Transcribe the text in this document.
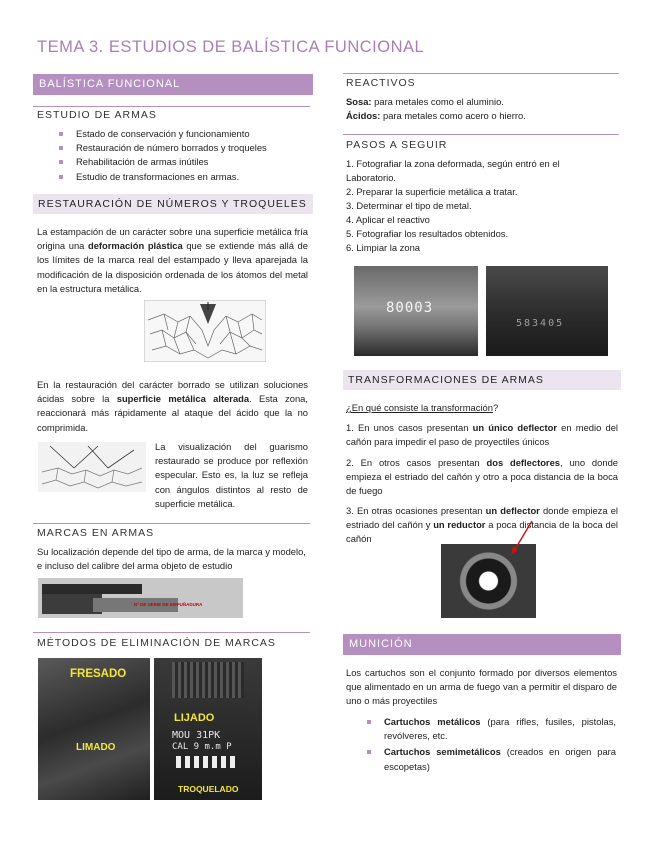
TEMA 3. ESTUDIOS DE BALÍSTICA FUNCIONAL
BALÍSTICA FUNCIONAL
ESTUDIO DE ARMAS
Estado de conservación y funcionamiento
Restauración de número borrados y troqueles
Rehabilitación de armas inútiles
Estudio de transformaciones en armas.
RESTAURACIÓN DE NÚMEROS Y TROQUELES
La estampación de un carácter sobre una superficie metálica fría origina una deformación plástica que se extiende más allá de los límites de la marca real del estampado y lleva aparejada la modificación de la disposición ordenada de los átomos del metal en la estructura metálica.
En la restauración del carácter borrado se utilizan soluciones ácidas sobre la superficie metálica alterada. Esta zona, reaccionará más rápidamente al ataque del ácido que la no comprimida.
La visualización del guarismo restaurado se produce por reflexión especular. Esto es, la luz se refleja con ángulos distintos al resto de superficie metálica.
MARCAS EN ARMAS
Su localización depende del tipo de arma, de la marca y modelo, e incluso del calibre del arma objeto de estudio
Nº DE SERIE DE EMPUÑADURA
MÉTODOS DE ELIMINACIÓN DE MARCAS
FRESADO
LIMADO
LIJADO
MOU 31PK
CAL 9 m.m P
TROQUELADO
REACTIVOS
Sosa: para metales como el aluminio.
Ácidos: para metales como acero o hierro.
PASOS A SEGUIR
1. Fotografiar la zona deformada, según entró en el
Laboratorio.
2. Preparar la superficie metálica a tratar.
3. Determinar el tipo de metal.
4. Aplicar el reactivo
5. Fotografiar los resultados obtenidos.
6. Limpiar la zona
80003
583405
TRANSFORMACIONES DE ARMAS
¿En qué consiste la transformación?
1. En unos casos presentan un único deflector en medio del cañón para impedir el paso de proyectiles únicos
2. En otros casos presentan dos deflectores, uno donde empieza el estriado del cañón y otro a poca distancia de la boca de fuego
3. En otras ocasiones presentan un deflector donde empieza el estriado del cañón y un reductor a poca distancia de la boca del cañón
MUNICIÓN
Los cartuchos son el conjunto formado por diversos elementos que alimentado en un arma de fuego van a permitir el disparo de uno o más proyectiles
Cartuchos metálicos (para rifles, fusiles, pistolas, revólveres, etc.
Cartuchos semimetálicos (creados en origen para escopetas)
